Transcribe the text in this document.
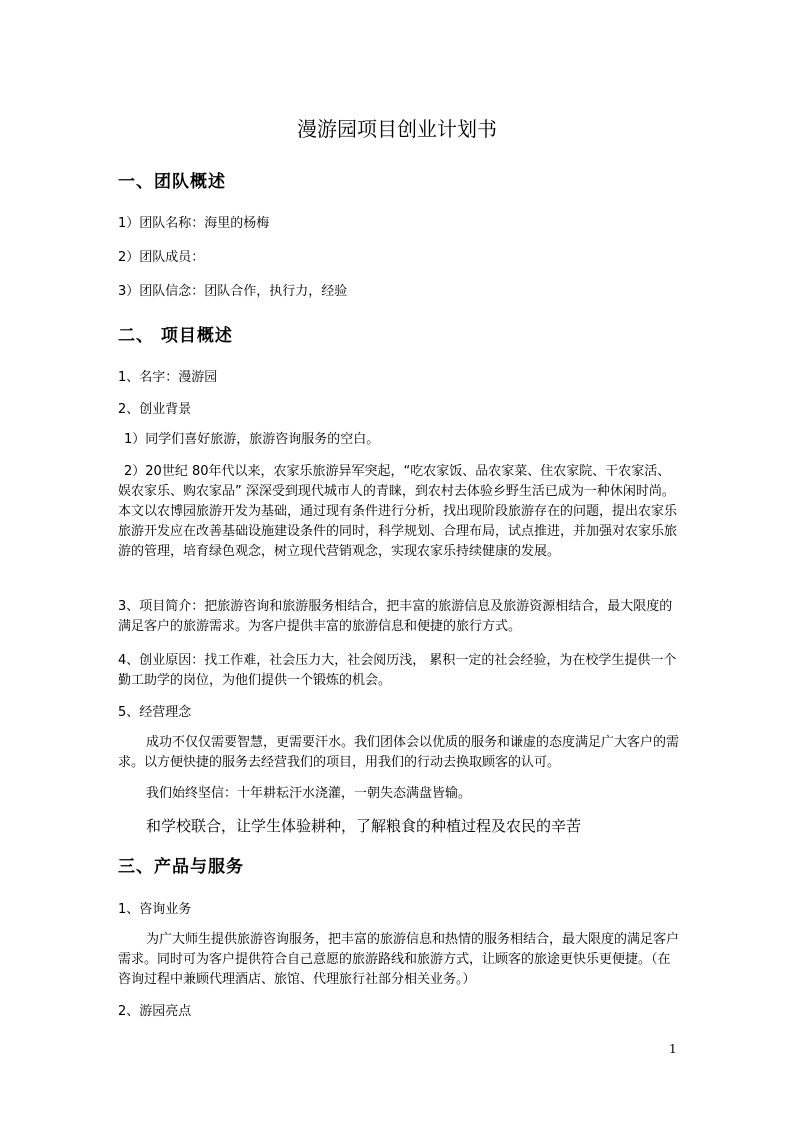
漫游园项目创业计划书
一、团队概述
1）团队名称：海里的杨梅
2）团队成员：
3）团队信念：团队合作，执行力，经验
二、 项目概述
1、名字：漫游园
2、创业背景
1）同学们喜好旅游，旅游咨询服务的空白。
2）20世纪 80年代以来，农家乐旅游异军突起，“吃农家饭、品农家菜、住农家院、干农家活、娱农家乐、购农家品” 深深受到现代城市人的青睐，到农村去体验乡野生活已成为一种休闲时尚。本文以农博园旅游开发为基础，通过现有条件进行分析，找出现阶段旅游存在的问题，提出农家乐旅游开发应在改善基础设施建设条件的同时，科学规划、合理布局，试点推进，并加强对农家乐旅游的管理，培育绿色观念，树立现代营销观念，实现农家乐持续健康的发展。
3、项目简介：把旅游咨询和旅游服务相结合，把丰富的旅游信息及旅游资源相结合，最大限度的满足客户的旅游需求。为客户提供丰富的旅游信息和便捷的旅行方式。
4、创业原因：找工作难，社会压力大，社会阅历浅， 累积一定的社会经验，为在校学生提供一个勤工助学的岗位，为他们提供一个锻炼的机会。
5、经营理念
成功不仅仅需要智慧，更需要汗水。我们团体会以优质的服务和谦虚的态度满足广大客户的需求。以方便快捷的服务去经营我们的项目，用我们的行动去换取顾客的认可。
我们始终坚信：十年耕耘汗水浇灌，一朝失态满盘皆输。
和学校联合，让学生体验耕种，了解粮食的种植过程及农民的辛苦
三、产品与服务
1、咨询业务
为广大师生提供旅游咨询服务，把丰富的旅游信息和热情的服务相结合，最大限度的满足客户需求。同时可为客户提供符合自己意愿的旅游路线和旅游方式，让顾客的旅途更快乐更便捷。（在咨询过程中兼顾代理酒店、旅馆、代理旅行社部分相关业务。）
2、游园亮点
1
